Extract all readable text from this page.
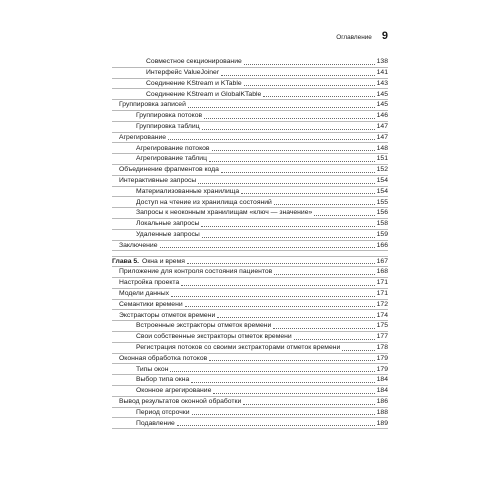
Оглавление 9
Совместное секционирование	138
Интерфейс ValueJoiner	141
Соединение KStream и KTable	143
Соединение KStream и GlobalKTable	145
Группировка записей	145
Группировка потоков	146
Группировка таблиц	147
Агрегирование	147
Агрегирование потоков	148
Агрегирование таблиц	151
Объединение фрагментов кода	152
Интерактивные запросы	154
Материализованные хранилища	154
Доступ на чтение из хранилища состояний	155
Запросы к неоконным хранилищам «ключ — значение»	156
Локальные запросы	158
Удаленные запросы	159
Заключение	166
Глава 5. Окна и время	167
Приложение для контроля состояния пациентов	168
Настройка проекта	171
Модели данных	171
Семантики времени	172
Экстракторы отметок времени	174
Встроенные экстракторы отметок времени	175
Свои собственные экстракторы отметок времени	177
Регистрация потоков со своими экстракторами отметок времени	178
Оконная обработка потоков	179
Типы окон	179
Выбор типа окна	184
Оконное агрегирование	184
Вывод результатов оконной обработки	186
Период отсрочки	188
Подавление	189
